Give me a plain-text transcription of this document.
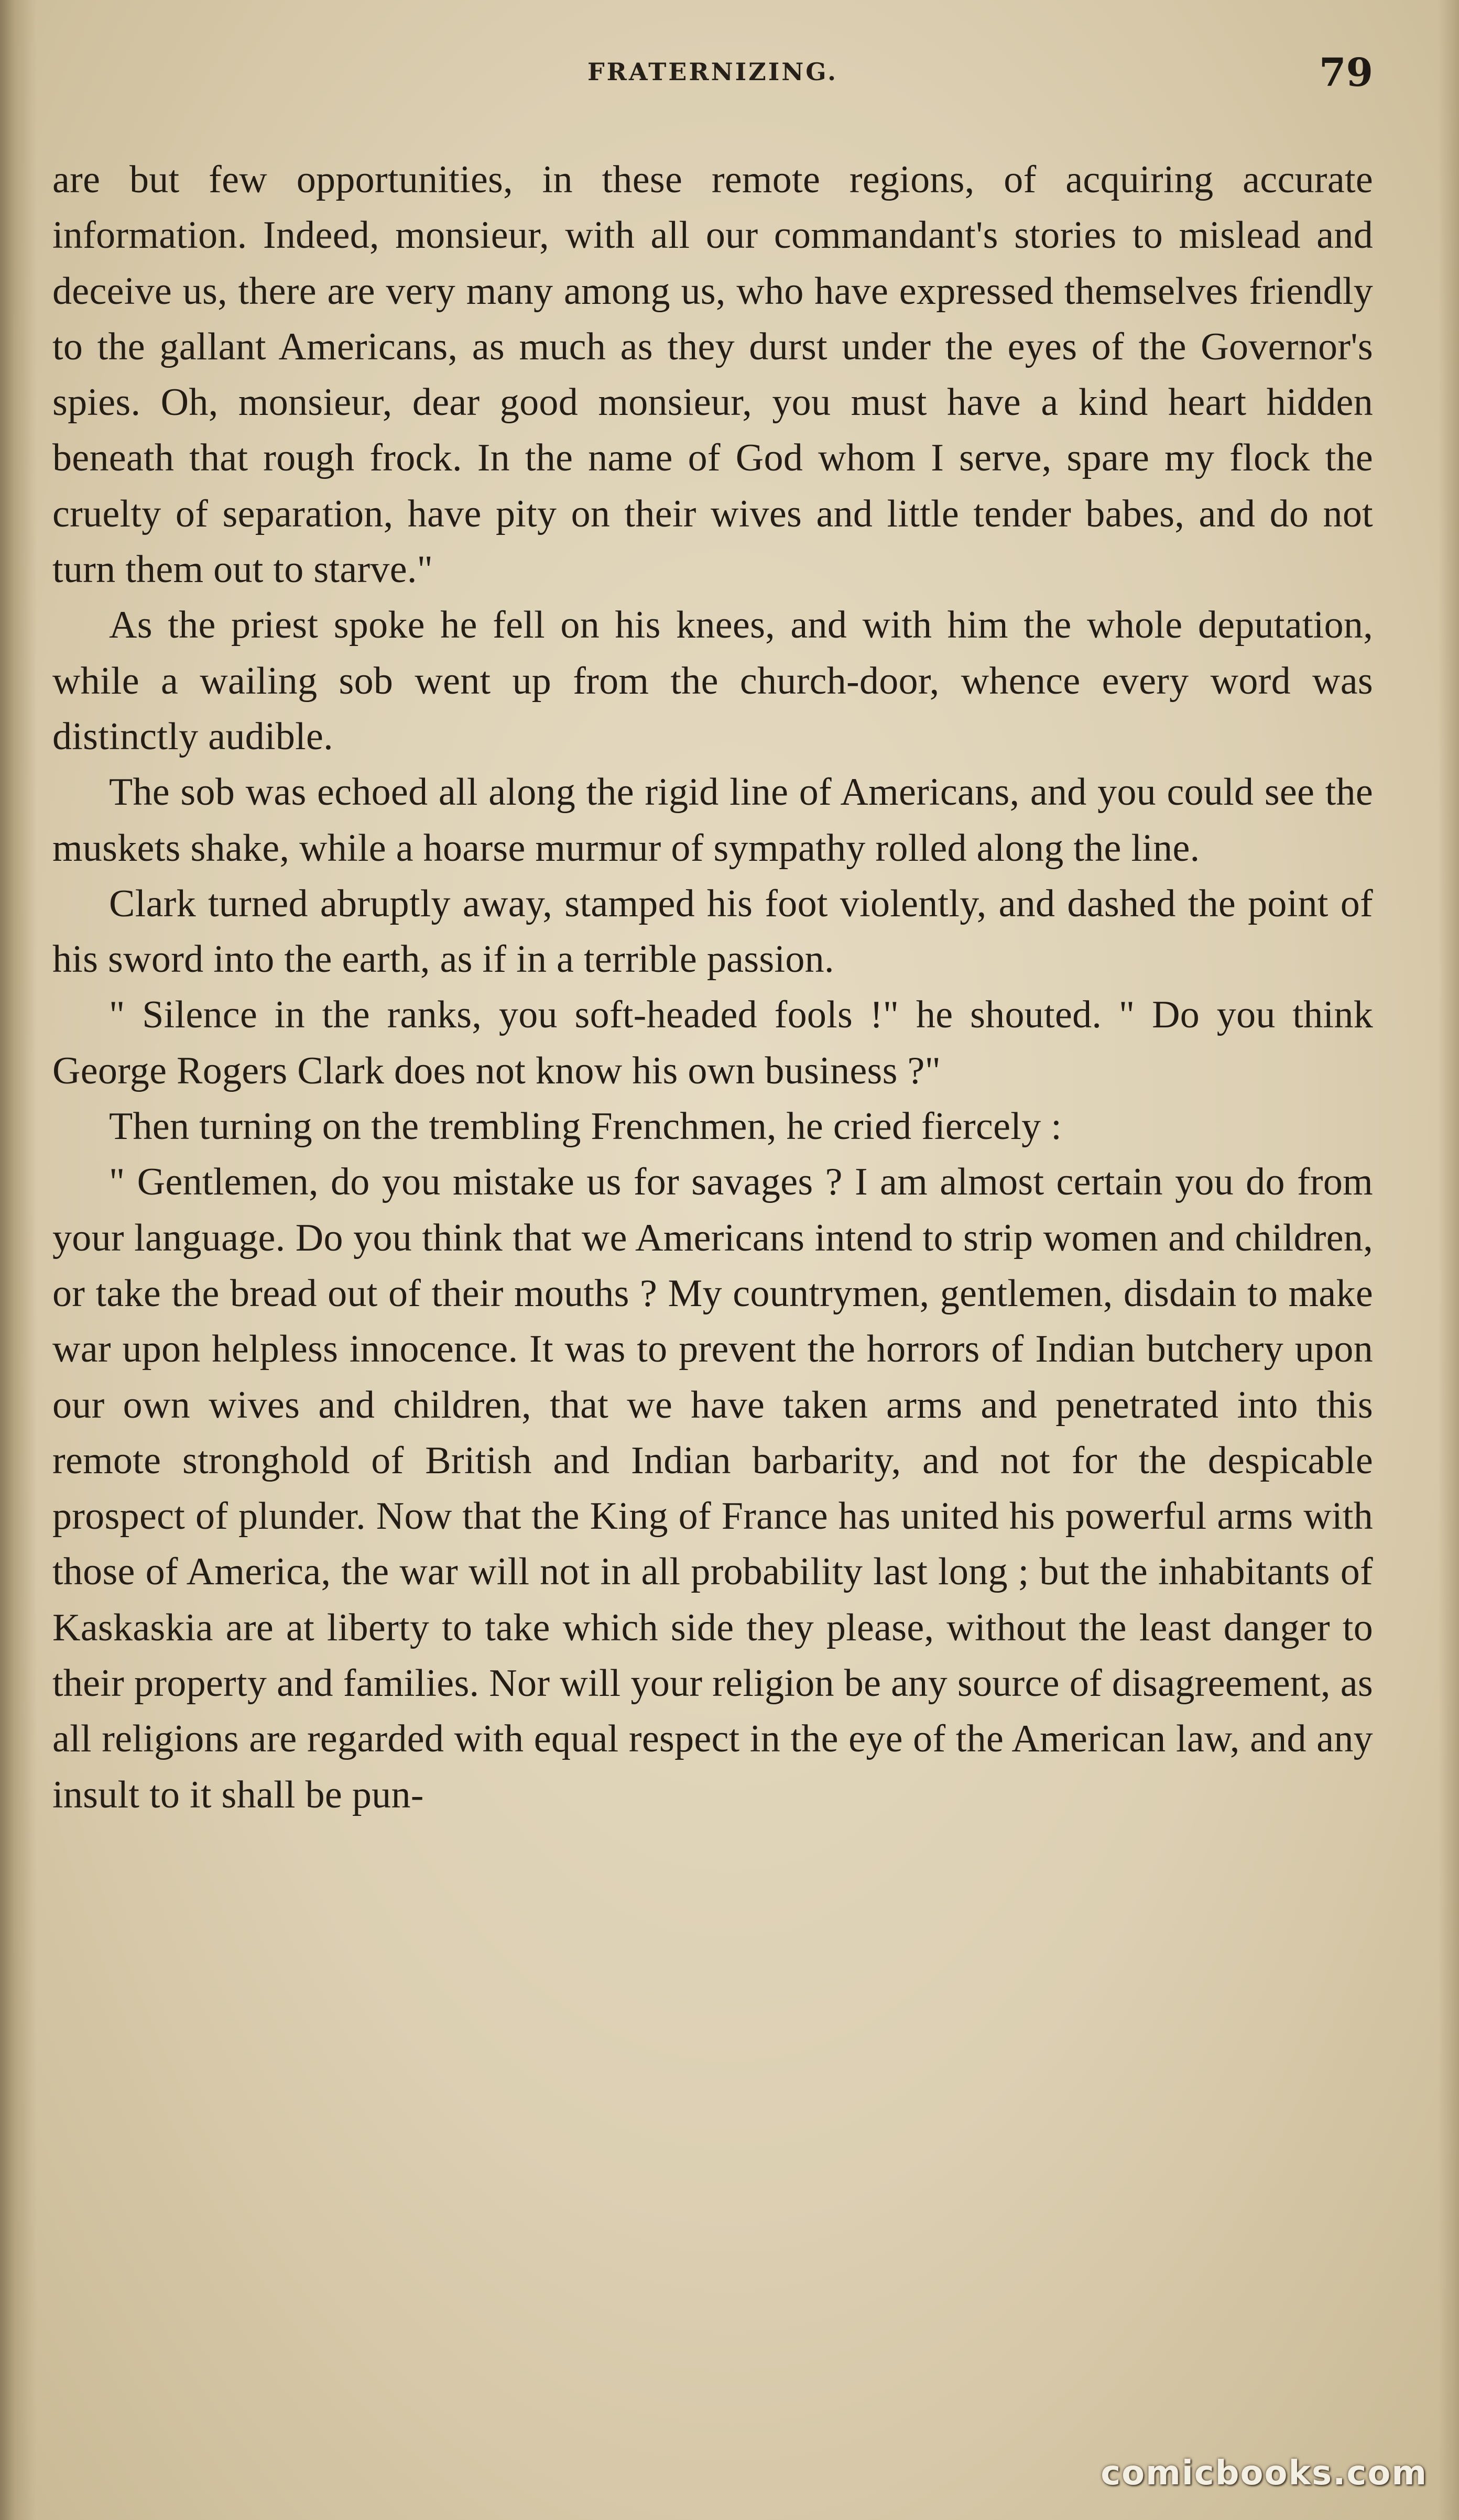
FRATERNIZING.	79

are but few opportunities, in these remote regions, of acquiring accurate information. Indeed, monsieur, with all our commandant's stories to mislead and deceive us, there are very many among us, who have expressed themselves friendly to the gallant Americans, as much as they durst under the eyes of the Governor's spies. Oh, monsieur, dear good monsieur, you must have a kind heart hidden beneath that rough frock. In the name of God whom I serve, spare my flock the cruelty of separation, have pity on their wives and little tender babes, and do not turn them out to starve."

As the priest spoke he fell on his knees, and with him the whole deputation, while a wailing sob went up from the church-door, whence every word was distinctly audible.

The sob was echoed all along the rigid line of Americans, and you could see the muskets shake, while a hoarse murmur of sympathy rolled along the line.

Clark turned abruptly away, stamped his foot violently, and dashed the point of his sword into the earth, as if in a terrible passion.

" Silence in the ranks, you soft-headed fools !" he shouted. " Do you think George Rogers Clark does not know his own business ?"

Then turning on the trembling Frenchmen, he cried fiercely :

" Gentlemen, do you mistake us for savages ? I am almost certain you do from your language. Do you think that we Americans intend to strip women and children, or take the bread out of their mouths ? My countrymen, gentlemen, disdain to make war upon helpless innocence. It was to prevent the horrors of Indian butchery upon our own wives and children, that we have taken arms and penetrated into this remote stronghold of British and Indian barbarity, and not for the despicable prospect of plunder. Now that the King of France has united his powerful arms with those of America, the war will not in all probability last long ; but the inhabitants of Kaskaskia are at liberty to take which side they please, without the least danger to their property and families. Nor will your religion be any source of disagreement, as all religions are regarded with equal respect in the eye of the American law, and any insult to it shall be pun-

comicbooks.com
